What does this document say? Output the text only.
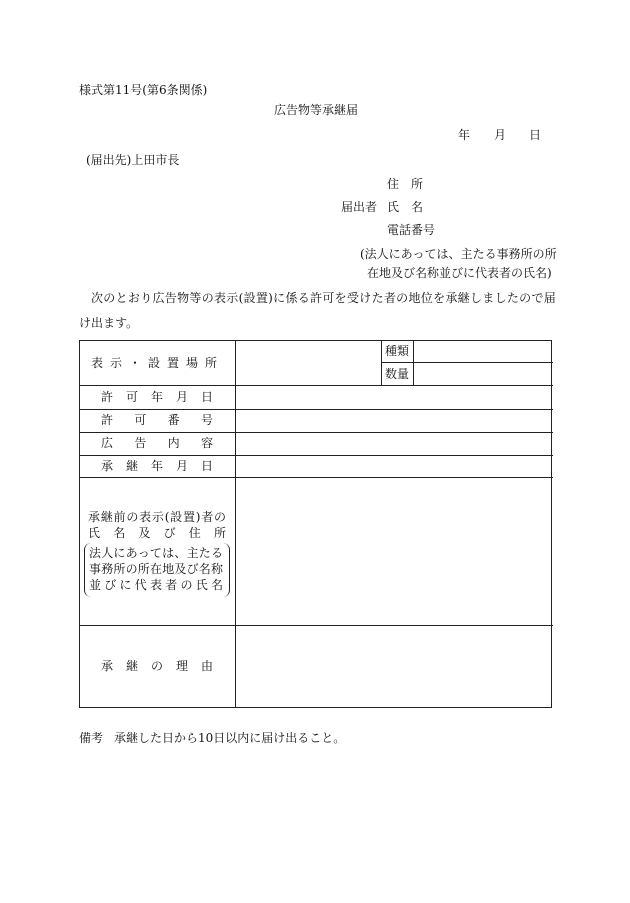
様式第11号(第6条関係)
広告物等承継届
年 月 日
(届出先)上田市長
住　所
届出者 氏　名
電話番号
(法人にあっては、主たる事務所の所
在地及び名称並びに代表者の氏名)
次のとおり広告物等の表示(設置)に係る許可を受けた者の地位を承継しましたので届
け出ます。
表示・設置場所
種類
数量
許可年月日
許可番号
広告内容
承継年月日
承継前の表示(設置)者の
氏名及び住所
法人にあっては、主たる
事務所の所在地及び名称
並びに代表者の氏名
承継の理由
備考 承継した日から10日以内に届け出ること。
